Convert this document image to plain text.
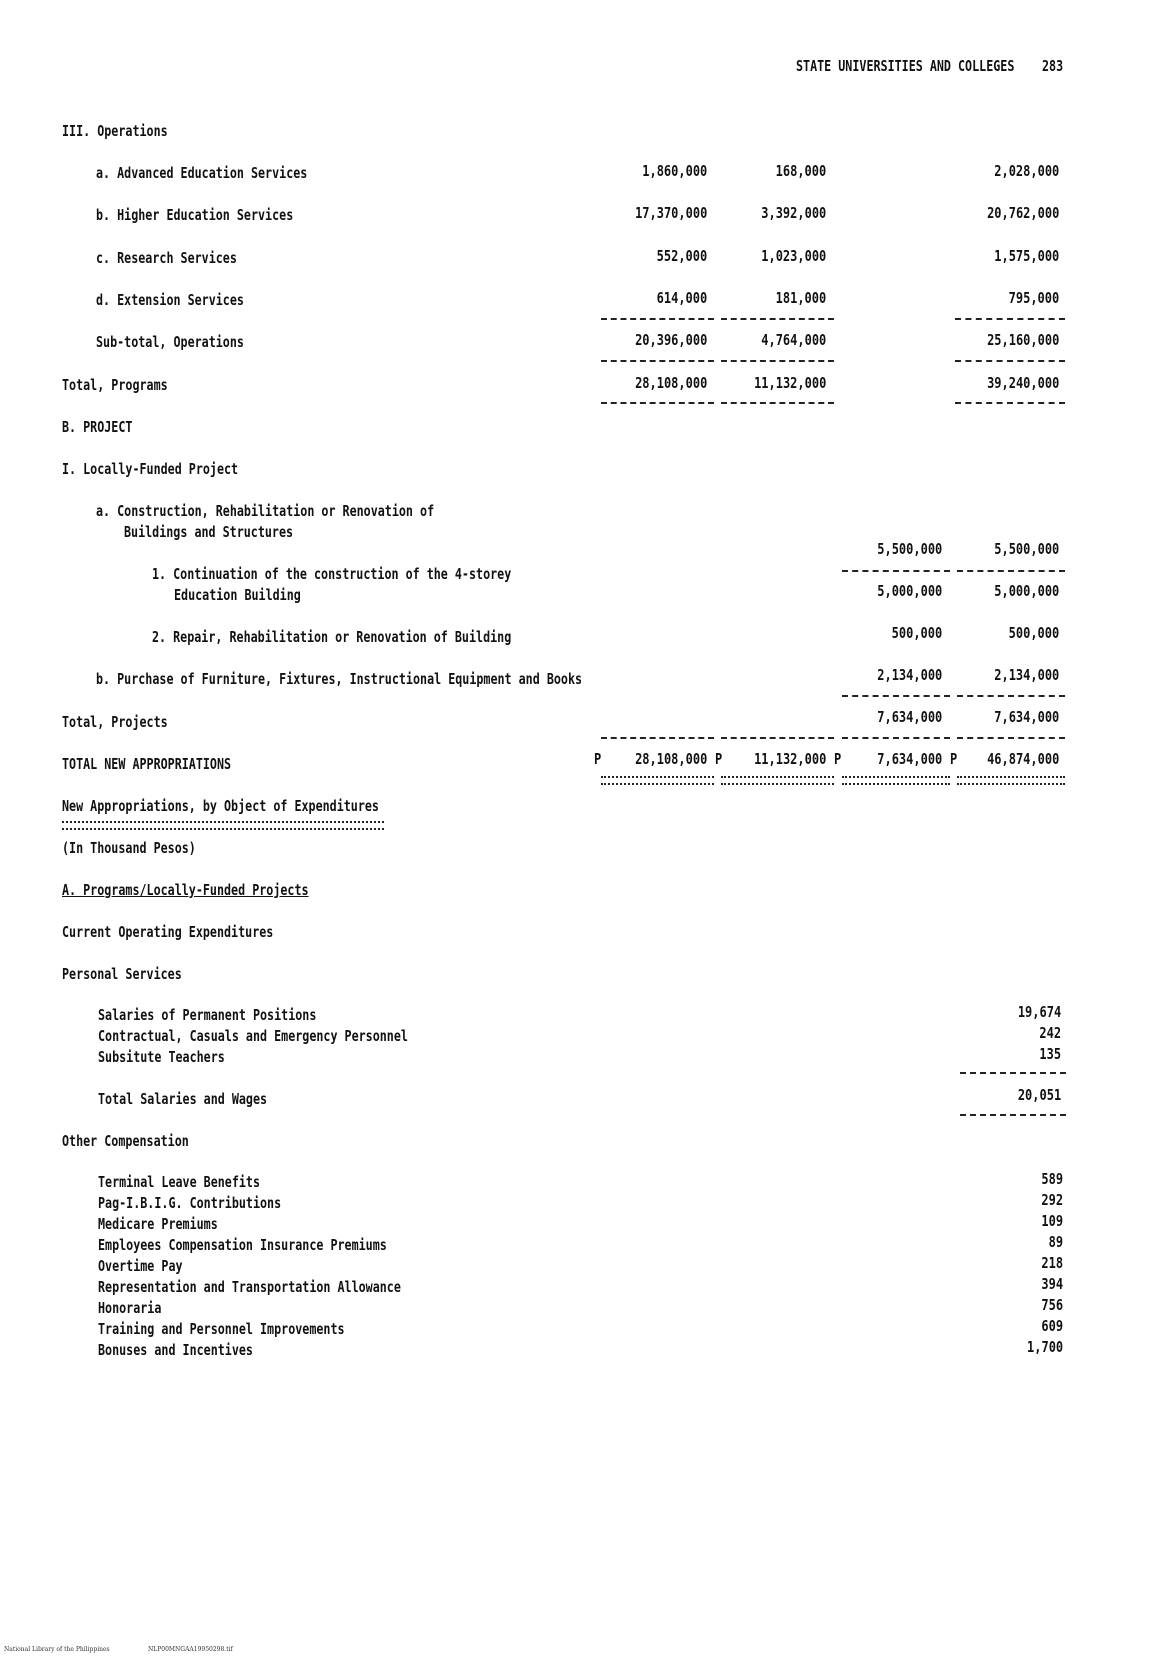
STATE UNIVERSITIES AND COLLEGES 283
III. Operations
a. Advanced Education Services	1,860,000	168,000	2,028,000
b. Higher Education Services	17,370,000	3,392,000	20,762,000
c. Research Services	552,000	1,023,000	1,575,000
d. Extension Services	614,000	181,000	795,000
Sub-total, Operations	20,396,000	4,764,000	25,160,000
Total, Programs	28,108,000	11,132,000	39,240,000
B. PROJECT
I. Locally-Funded Project
a. Construction, Rehabilitation or Renovation of
Buildings and Structures
5,500,000	5,500,000
1. Continuation of the construction of the 4-storey
Education Building	5,000,000	5,000,000
2. Repair, Rehabilitation or Renovation of Building	500,000	500,000
b. Purchase of Furniture, Fixtures, Instructional Equipment and Books	2,134,000	2,134,000
Total, Projects	7,634,000	7,634,000
TOTAL NEW APPROPRIATIONS	P 28,108,000 P 11,132,000 P 7,634,000 P 46,874,000
New Appropriations, by Object of Expenditures
(In Thousand Pesos)
A. Programs/Locally-Funded Projects
Current Operating Expenditures
Personal Services
Salaries of Permanent Positions	19,674
Contractual, Casuals and Emergency Personnel	242
Subsitute Teachers	135
Total Salaries and Wages	20,051
Other Compensation
Terminal Leave Benefits	589
Pag-I.B.I.G. Contributions	292
Medicare Premiums	109
Employees Compensation Insurance Premiums	89
Overtime Pay	218
Representation and Transportation Allowance	394
Honoraria	756
Training and Personnel Improvements	609
Bonuses and Incentives	1,700
National Library of the Philippines	NLP00MNGAA19950298.tif
